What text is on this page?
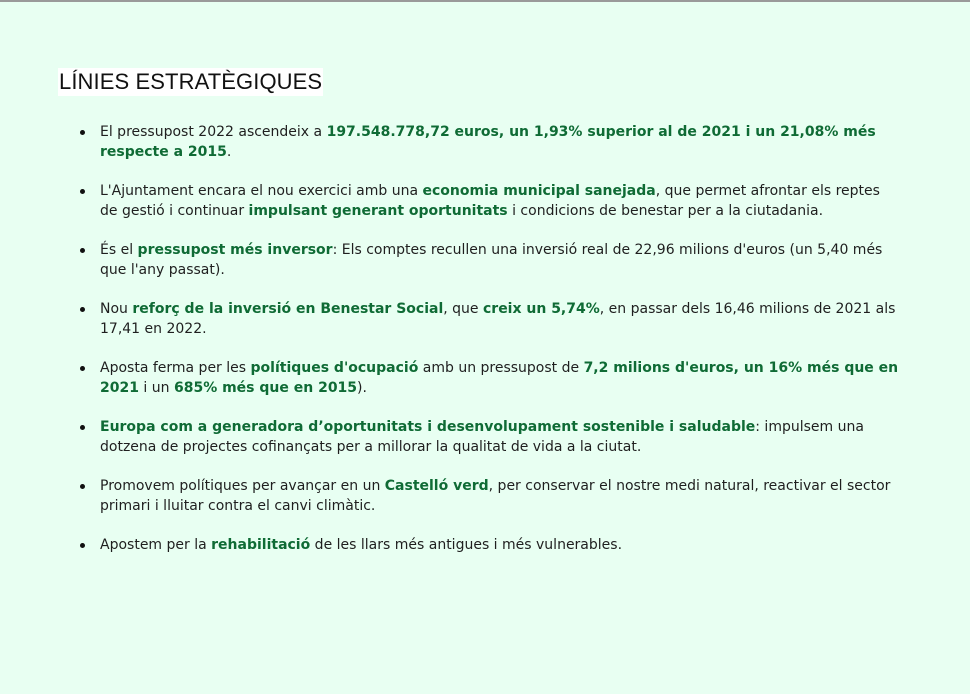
LÍNIES ESTRATÈGIQUES
El pressupost 2022 ascendeix a 197.548.778,72 euros, un 1,93% superior al de 2021 i un 21,08% més respecte a 2015.
L'Ajuntament encara el nou exercici amb una economia municipal sanejada, que permet afrontar els reptes de gestió i continuar impulsant generant oportunitats i condicions de benestar per a la ciutadania.
És el pressupost més inversor: Els comptes recullen una inversió real de 22,96 milions d'euros (un 5,40 més que l'any passat).
Nou reforç de la inversió en Benestar Social, que creix un 5,74%, en passar dels 16,46 milions de 2021 als 17,41 en 2022.
Aposta ferma per les polítiques d'ocupació amb un pressupost de 7,2 milions d'euros, un 16% més que en 2021 i un 685% més que en 2015).
Europa com a generadora d’oportunitats i desenvolupament sostenible i saludable: impulsem una dotzena de projectes cofinançats per a millorar la qualitat de vida a la ciutat.
Promovem polítiques per avançar en un Castelló verd, per conservar el nostre medi natural, reactivar el sector primari i lluitar contra el canvi climàtic.
Apostem per la rehabilitació de les llars més antigues i més vulnerables.
